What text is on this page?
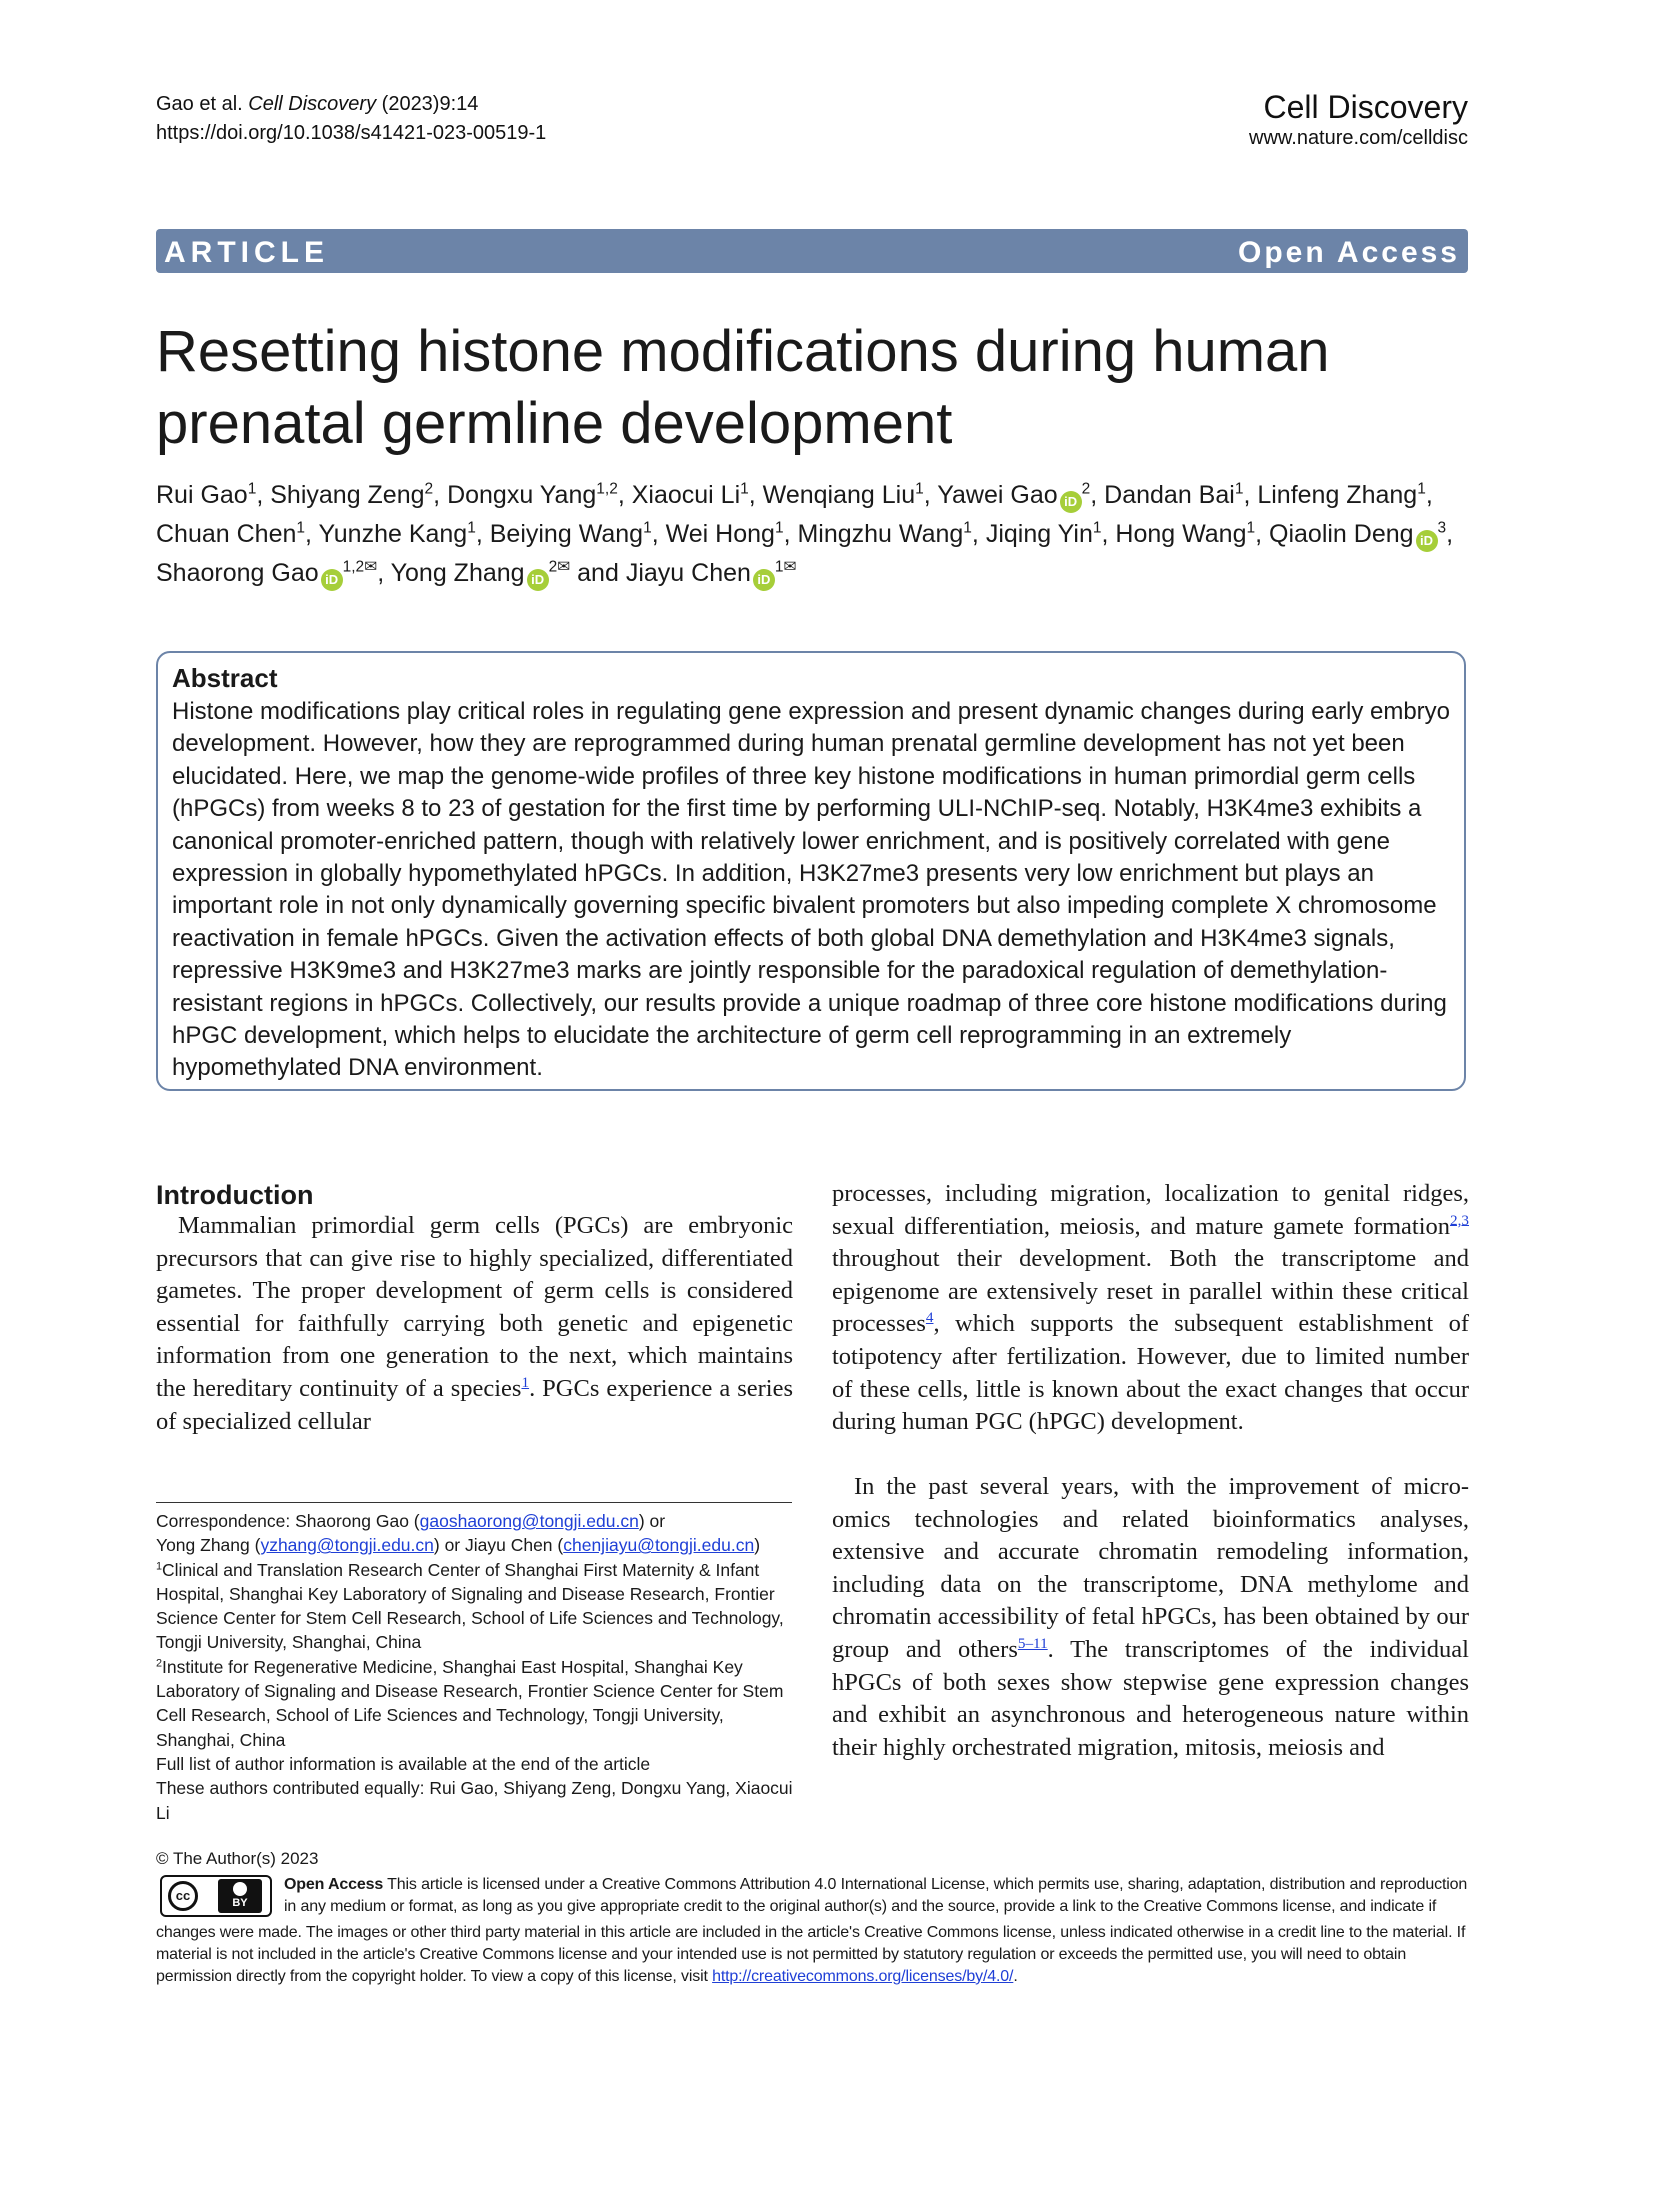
Gao et al. Cell Discovery (2023)9:14
https://doi.org/10.1038/s41421-023-00519-1
Cell Discovery
www.nature.com/celldisc
ARTICLE	Open Access
Resetting histone modifications during human
prenatal germline development
Rui Gao$^1$, Shiyang Zeng$^2$, Dongxu Yang$^{1,2}$, Xiaocui Li$^1$, Wenqiang Liu$^1$, Yawei Gao $iD^2$, Dandan Bai$^1$, Linfeng Zhang$^1$, Chuan Chen$^1$, Yunzhe Kang$^1$, Beiying Wang$^1$, Wei Hong$^1$, Mingzhu Wang$^1$, Jiqing Yin$^1$, Hong Wang$^1$, Qiaolin Deng $iD^3$, Shaorong Gao $iD^{1,2✉}$, Yong Zhang $iD^{2✉}$ and Jiayu Chen $iD^{1✉}$
Abstract
Histone modifications play critical roles in regulating gene expression and present dynamic changes during early embryo development. However, how they are reprogrammed during human prenatal germline development has not yet been elucidated. Here, we map the genome-wide profiles of three key histone modifications in human primordial germ cells (hPGCs) from weeks 8 to 23 of gestation for the first time by performing ULI-NChIP-seq. Notably, H3K4me3 exhibits a canonical promoter-enriched pattern, though with relatively lower enrichment, and is positively correlated with gene expression in globally hypomethylated hPGCs. In addition, H3K27me3 presents very low enrichment but plays an important role in not only dynamically governing specific bivalent promoters but also impeding complete X chromosome reactivation in female hPGCs. Given the activation effects of both global DNA demethylation and H3K4me3 signals, repressive H3K9me3 and H3K27me3 marks are jointly responsible for the paradoxical regulation of demethylation-resistant regions in hPGCs. Collectively, our results provide a unique roadmap of three core histone modifications during hPGC development, which helps to elucidate the architecture of germ cell reprogramming in an extremely hypomethylated DNA environment.
Introduction
Mammalian primordial germ cells (PGCs) are embryonic precursors that can give rise to highly specialized, differentiated gametes. The proper development of germ cells is considered essential for faithfully carrying both genetic and epigenetic information from one generation to the next, which maintains the hereditary continuity of a species$^1$. PGCs experience a series of specialized cellular
processes, including migration, localization to genital ridges, sexual differentiation, meiosis, and mature gamete formation$^{2,3}$ throughout their development. Both the transcriptome and epigenome are extensively reset in parallel within these critical processes$^4$, which supports the subsequent establishment of totipotency after fertilization. However, due to limited number of these cells, little is known about the exact changes that occur during human PGC (hPGC) development.
In the past several years, with the improvement of micro-omics technologies and related bioinformatics analyses, extensive and accurate chromatin remodeling information, including data on the transcriptome, DNA methylome and chromatin accessibility of fetal hPGCs, has been obtained by our group and others$^{5-11}$. The transcriptomes of the individual hPGCs of both sexes show stepwise gene expression changes and exhibit an asynchronous and heterogeneous nature within their highly orchestrated migration, mitosis, meiosis and

Correspondence: Shaorong Gao (gaoshaorong@tongji.edu.cn) or

Yong Zhang (yzhang@tongji.edu.cn) or Jiayu Chen (chenjiayu@tongji.edu.cn)

$^1$Clinical and Translation Research Center of Shanghai First Maternity & Infant Hospital, Shanghai Key Laboratory of Signaling and Disease Research, Frontier Science Center for Stem Cell Research, School of Life Sciences and Technology, Tongji University, Shanghai, China

$^2$Institute for Regenerative Medicine, Shanghai East Hospital, Shanghai Key Laboratory of Signaling and Disease Research, Frontier Science Center for Stem Cell Research, School of Life Sciences and Technology, Tongji University, Shanghai, China

Full list of author information is available at the end of the article

These authors contributed equally: Rui Gao, Shiyang Zeng, Dongxu Yang, Xiaocui Li

© The Author(s) 2023
cc	BY
Open Access This article is licensed under a Creative Commons Attribution 4.0 International License, which permits use, sharing, adaptation, distribution and reproduction in any medium or format, as long as you give appropriate credit to the original author(s) and the source, provide a link to the Creative Commons license, and indicate if
changes were made. The images or other third party material in this article are included in the article's Creative Commons license, unless indicated otherwise in a credit line to the material. If material is not included in the article's Creative Commons license and your intended use is not permitted by statutory regulation or exceeds the permitted use, you will need to obtain permission directly from the copyright holder. To view a copy of this license, visit http://creativecommons.org/licenses/by/4.0/.
